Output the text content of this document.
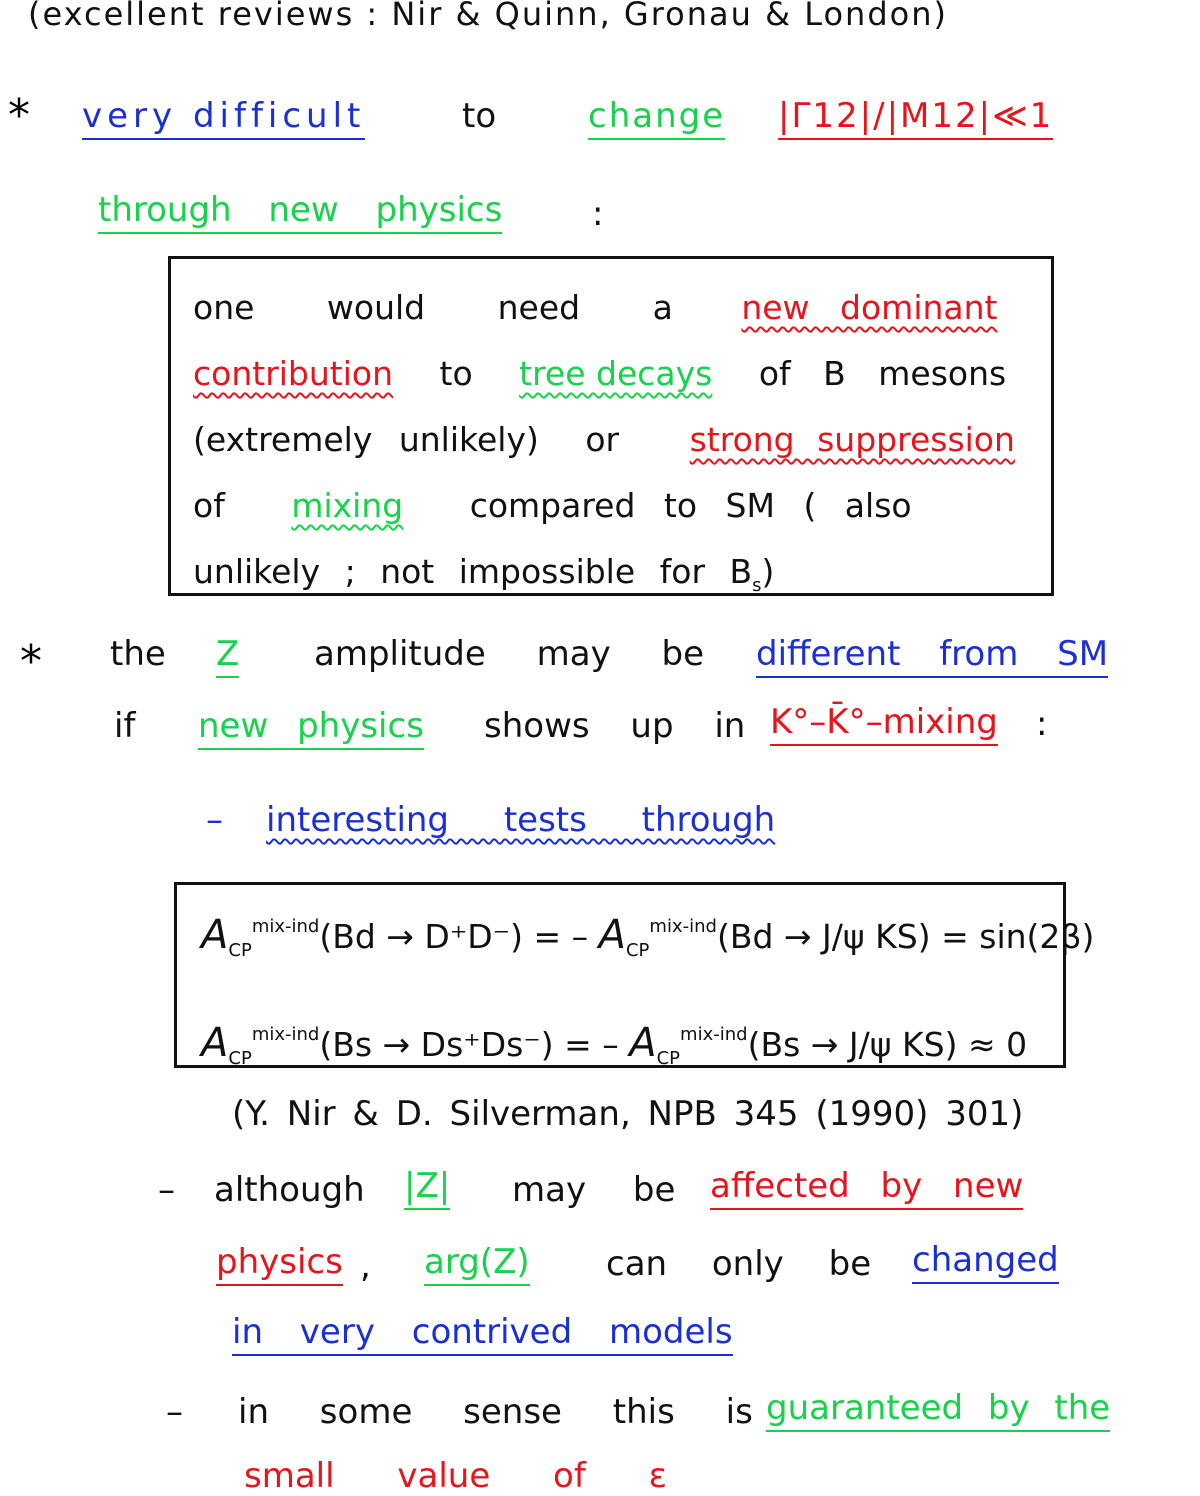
(excellent reviews : Nir & Quinn, Gronau & London)
* very difficult	to	change |Γ12|/|M12|≪1
through new physics	:
one would need a new dominant
contribution to tree decays of B mesons
(extremely unlikely) or strong suppression
of mixing compared to SM ( also
unlikely ; not impossible for $B_s$)
* the Z amplitude may be different from SM
if new physics shows up in K°–K̄°–mixing :
– interesting tests through
$A_{CP}^{mix-ind}(Bd \to D^+D^-)$ = – $A_{CP}^{mix-ind}(Bd \to J/\psi$ KS) = sin(2β)
$A_{CP}^{mix-ind}(Bs \to Ds^+Ds^-)$ = – $A_{CP}^{mix-ind}(Bs \to J/\psi$ KS) ≈ 0
(Y. Nir & D. Silverman, NPB 345 (1990) 301)
– although |Z| may be affected by new
physics , arg(Z) can only be changed
in very contrived models
– in some sense this is guaranteed by the
small value of ε
